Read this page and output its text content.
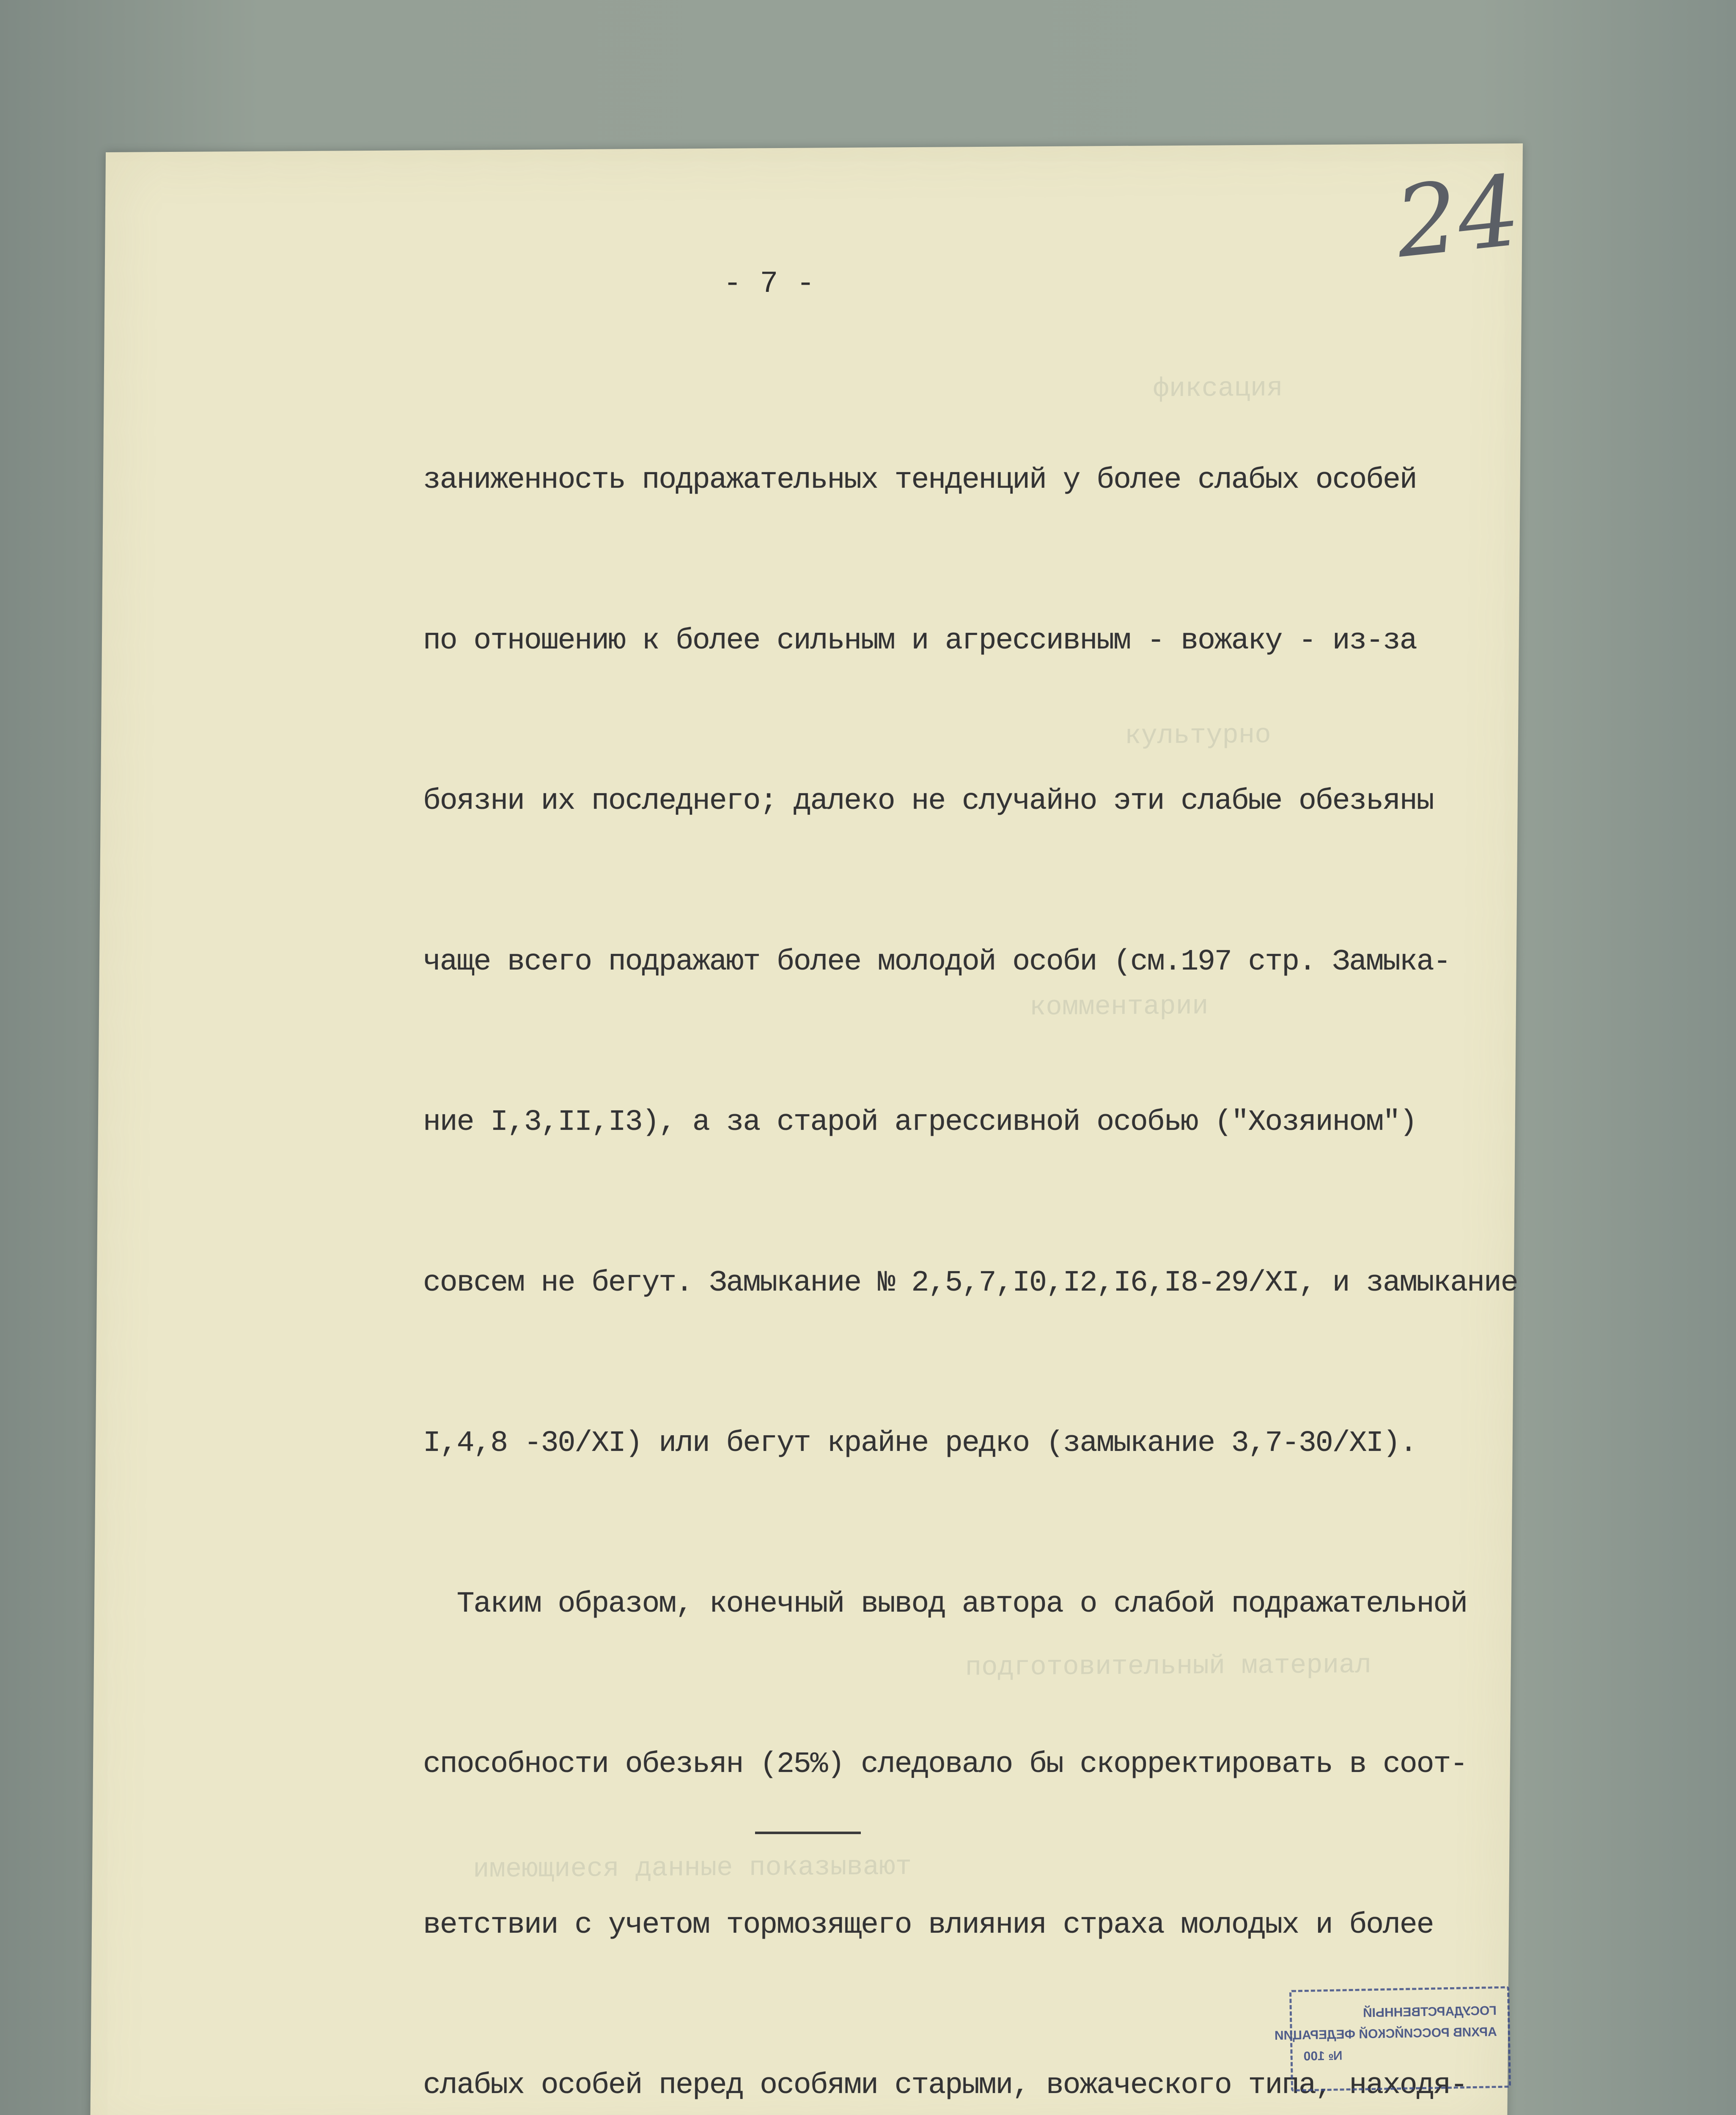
фиксация
культурно
комментарии
подготовительный материал
имеющиеся данные показывают
24
- 7 -

заниженность подражательных тенденций у более слабых особей

по отношению к более сильным и агрессивным - вожаку - из-за

боязни их последнего; далеко не случайно эти слабые обезьяны

чаще всего подражают более молодой особи (см.197 стр. Замыка-

ние I,3,II,I3), а за старой агрессивной особью ("Хозяином")

совсем не бегут. Замыкание № 2,5,7,I0,I2,I6,I8-29/XI, и замыкание

I,4,8 -30/XI) или бегут крайне редко (замыкание 3,7-30/XI).

Таким образом, конечный вывод автора о слабой подражательной

способности обезьян (25%) следовало бы скорректировать в соот-

ветствии с учетом тормозящего влияния страха молодых и более

слабых особей перед особями старыми, вожаческого типа, находя-

ГОСУДАРСТВЕННЫЙ
АРХИВ РОССИЙСКОЙ ФЕДЕРАЦИИ
№ 100
